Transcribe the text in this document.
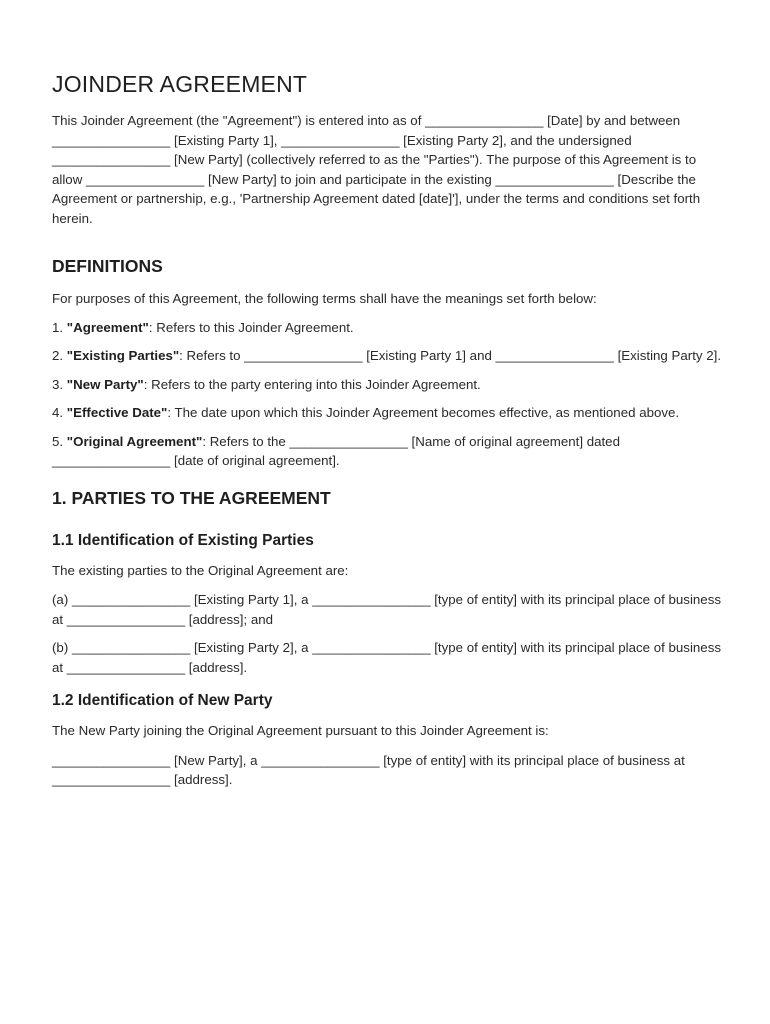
JOINDER AGREEMENT

This Joinder Agreement (the "Agreement") is entered into as of ________________ [Date] by and between ________________ [Existing Party 1], ________________ [Existing Party 2], and the undersigned ________________ [New Party] (collectively referred to as the "Parties"). The purpose of this Agreement is to allow ________________ [New Party] to join and participate in the existing ________________ [Describe the Agreement or partnership, e.g., 'Partnership Agreement dated [date]'], under the terms and conditions set forth herein.

DEFINITIONS

For purposes of this Agreement, the following terms shall have the meanings set forth below:

1. "Agreement": Refers to this Joinder Agreement.

2. "Existing Parties": Refers to ________________ [Existing Party 1] and ________________ [Existing Party 2].

3. "New Party": Refers to the party entering into this Joinder Agreement.

4. "Effective Date": The date upon which this Joinder Agreement becomes effective, as mentioned above.

5. "Original Agreement": Refers to the ________________ [Name of original agreement] dated ________________ [date of original agreement].

1. PARTIES TO THE AGREEMENT
1.1 Identification of Existing Parties

The existing parties to the Original Agreement are:

(a) ________________ [Existing Party 1], a ________________ [type of entity] with its principal place of business at ________________ [address]; and

(b) ________________ [Existing Party 2], a ________________ [type of entity] with its principal place of business at ________________ [address].

1.2 Identification of New Party

The New Party joining the Original Agreement pursuant to this Joinder Agreement is:

________________ [New Party], a ________________ [type of entity] with its principal place of business at ________________ [address].
